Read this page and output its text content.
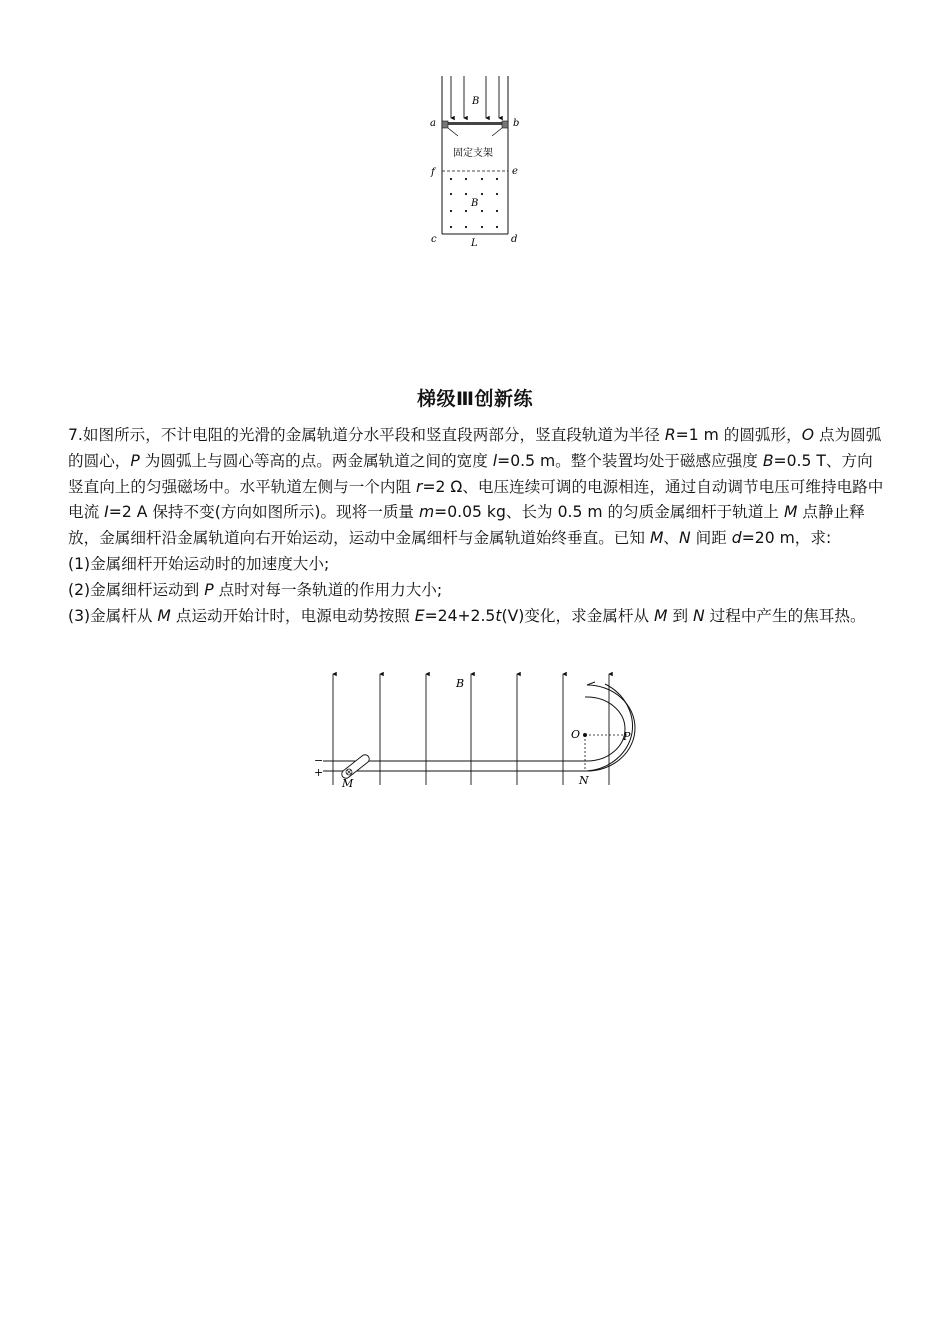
B
a	b
固定支架
f	e
B
c	L	d
梯级Ⅲ创新练

7.如图所示，不计电阻的光滑的金属轨道分水平段和竖直段两部分，竖直段轨道为半径 R=1 m 的圆弧形，O 点为圆弧的圆心，P 为圆弧上与圆心等高的点。两金属轨道之间的宽度 l=0.5 m。整个装置均处于磁感应强度 B=0.5 T、方向竖直向上的匀强磁场中。水平轨道左侧与一个内阻 r=2 Ω、电压连续可调的电源相连，通过自动调节电压可维持电路中电流 I=2 A 保持不变(方向如图所示)。现将一质量 m=0.05 kg、长为 0.5 m 的匀质金属细杆于轨道上 M 点静止释放，金属细杆沿金属轨道向右开始运动，运动中金属细杆与金属轨道始终垂直。已知 M、N 间距 d=20 m，求:

(1)金属细杆开始运动时的加速度大小;

(2)金属细杆运动到 P 点时对每一条轨道的作用力大小;

(3)金属杆从 M 点运动开始计时，电源电动势按照 E=24+2.5t(V)变化，求金属杆从 M 到 N 过程中产生的焦耳热。

B
O	P
−
+
M	N
